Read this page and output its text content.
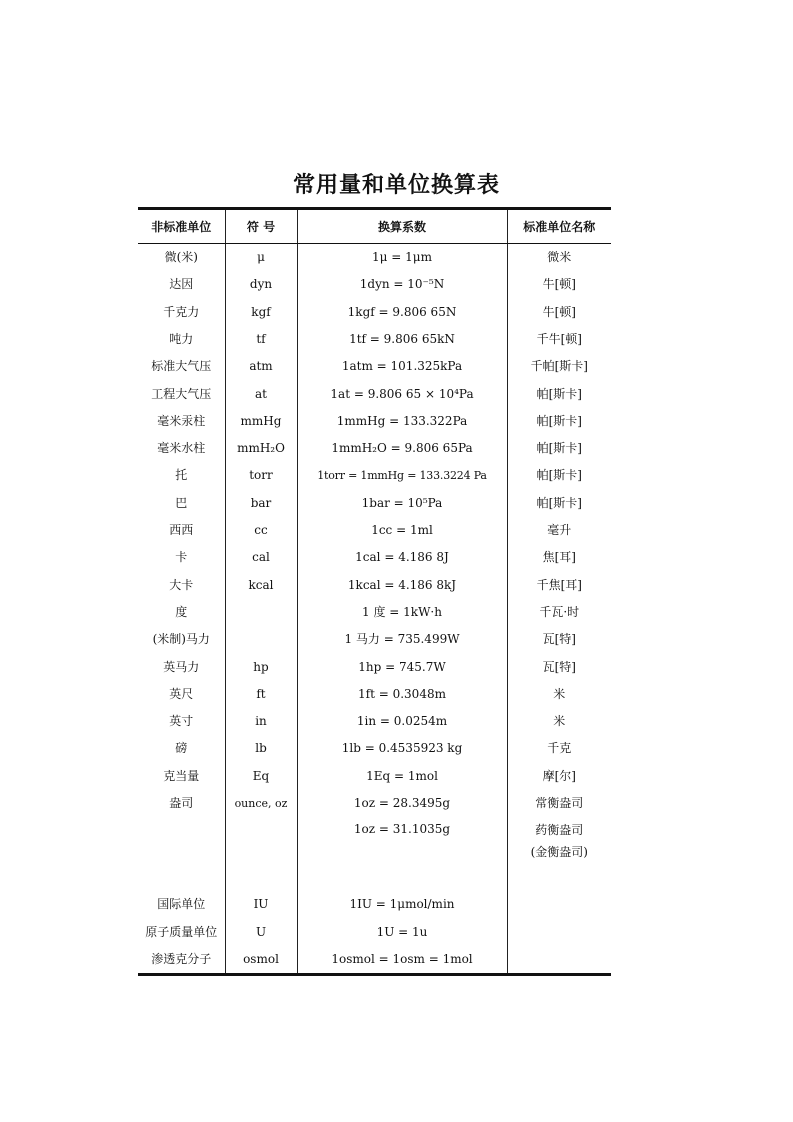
常用量和单位换算表
非标准单位	符 号	换算系数	标准单位名称
微(米)	μ	1μ = 1μm	微米
达因	dyn	1dyn = 10⁻⁵N	牛[顿]
千克力	kgf	1kgf = 9.806 65N	牛[顿]
吨力	tf	1tf = 9.806 65kN	千牛[顿]
标准大气压	atm	1atm = 101.325kPa	千帕[斯卡]
工程大气压	at	1at = 9.806 65 × 10⁴Pa	帕[斯卡]
毫米汞柱	mmHg	1mmHg = 133.322Pa	帕[斯卡]
毫米水柱	mmH₂O	1mmH₂O = 9.806 65Pa	帕[斯卡]
托	torr	1torr = 1mmHg = 133.3224 Pa	帕[斯卡]
巴	bar	1bar = 10⁵Pa	帕[斯卡]
西西	cc	1cc = 1ml	毫升
卡	cal	1cal = 4.186 8J	焦[耳]
大卡	kcal	1kcal = 4.186 8kJ	千焦[耳]
度		1 度 = 1kW·h	千瓦·时
(米制)马力		1 马力 = 735.499W	瓦[特]
英马力	hp	1hp = 745.7W	瓦[特]
英尺	ft	1ft = 0.3048m	米
英寸	in	1in = 0.0254m	米
磅	lb	1lb = 0.4535923 kg	千克
克当量	Eq	1Eq = 1mol	摩[尔]
盎司	ounce, oz	1oz = 28.3495g	常衡盎司
		1oz = 31.1035g	药衡盎司
(金衡盎司)

国际单位	IU	1IU = 1μmol/min	
原子质量单位	U	1U = 1u	
渗透克分子	osmol	1osmol = 1osm = 1mol	
